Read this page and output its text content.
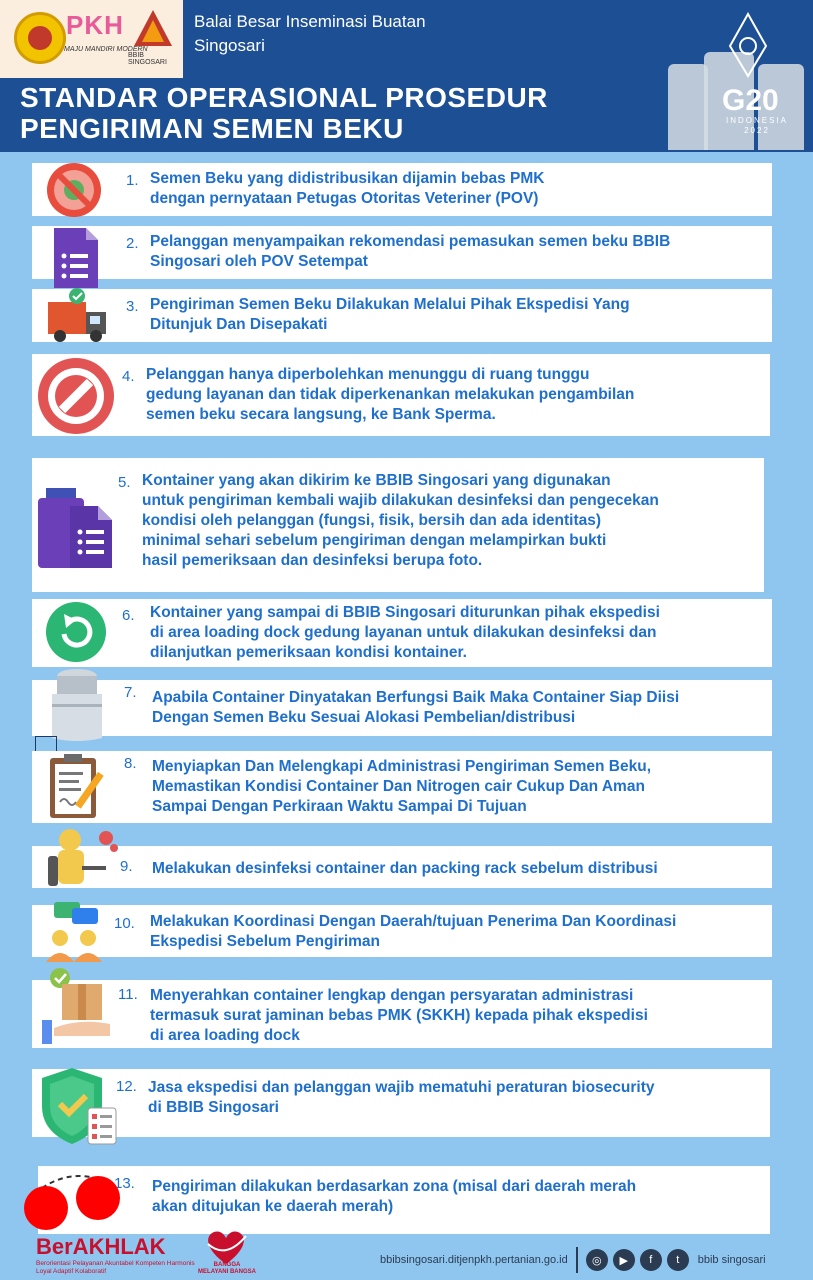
PKH
MAJU MANDIRI MODERN
BBIB SINGOSARI
Balai Besar Inseminasi Buatan
Singosari
STANDAR OPERASIONAL PROSEDUR
PENGIRIMAN SEMEN BEKU
G20
INDONESIA
2022
1. Semen Beku yang didistribusikan dijamin bebas PMK
dengan pernyataan Petugas Otoritas Veteriner (POV)
2. Pelanggan menyampaikan rekomendasi pemasukan semen beku BBIB
Singosari oleh POV Setempat
3. Pengiriman Semen Beku Dilakukan Melalui Pihak Ekspedisi Yang
Ditunjuk Dan Disepakati
4. Pelanggan hanya diperbolehkan menunggu di ruang tunggu
gedung layanan dan tidak diperkenankan melakukan pengambilan
semen beku secara langsung, ke Bank Sperma.
5. Kontainer yang akan dikirim ke BBIB Singosari yang digunakan
untuk pengiriman kembali wajib dilakukan desinfeksi dan pengecekan
kondisi oleh pelanggan (fungsi, fisik, bersih dan ada identitas)
minimal sehari sebelum pengiriman dengan melampirkan bukti
hasil pemeriksaan dan desinfeksi berupa foto.
6. Kontainer yang sampai di BBIB Singosari diturunkan pihak ekspedisi
di area loading dock gedung layanan untuk dilakukan desinfeksi dan
dilanjutkan pemeriksaan kondisi kontainer.
7. Apabila Container Dinyatakan Berfungsi Baik Maka Container Siap Diisi
Dengan Semen Beku Sesuai Alokasi Pembelian/distribusi
8. Menyiapkan Dan Melengkapi Administrasi Pengiriman Semen Beku,
Memastikan Kondisi Container Dan Nitrogen cair Cukup Dan Aman
Sampai Dengan Perkiraan Waktu Sampai Di Tujuan
9. Melakukan desinfeksi container dan packing rack sebelum distribusi
10. Melakukan Koordinasi Dengan Daerah/tujuan Penerima Dan Koordinasi
Ekspedisi Sebelum Pengiriman
11. Menyerahkan container lengkap dengan persyaratan administrasi
termasuk surat jaminan bebas PMK (SKKH) kepada pihak ekspedisi
di area loading dock
12. Jasa ekspedisi dan pelanggan wajib mematuhi peraturan biosecurity
di BBIB Singosari
13. Pengiriman dilakukan berdasarkan zona (misal dari daerah merah
akan ditujukan ke daerah merah)
BerAKHLAK
Berorientasi Pelayanan Akuntabel Kompeten Harmonis Loyal Adaptif Kolaboratif
BANGGA MELAYANI BANGSA
bbibsingosari.ditjenpkh.pertanian.go.id	◎	▶	f	t	bbib singosari
